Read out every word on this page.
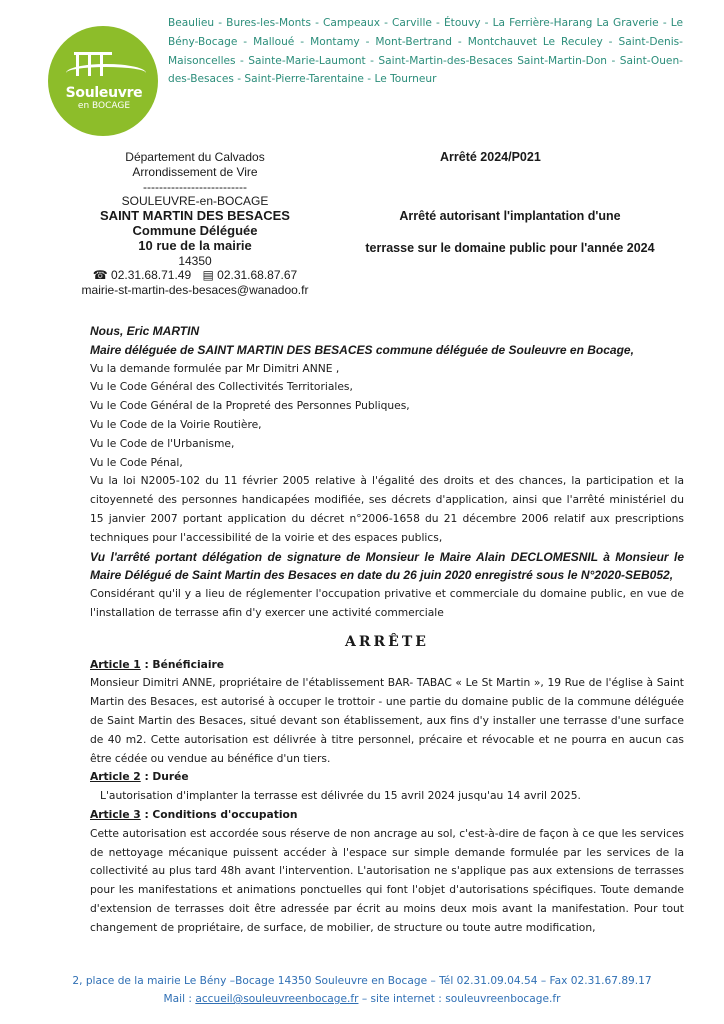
Souleuvre
en BOCAGE
Beaulieu - Bures-les-Monts - Campeaux - Carville - Étouvy - La Ferrière-Harang La Graverie - Le Bény-Bocage - Malloué - Montamy - Mont-Bertrand - Montchauvet Le Reculey - Saint-Denis-Maisoncelles - Sainte-Marie-Laumont - Saint-Martin-des-Besaces Saint-Martin-Don - Saint-Ouen-des-Besaces - Saint-Pierre-Tarentaine - Le Tourneur
Département du Calvados
Arrondissement de Vire
--------------------------
SOULEUVRE-en-BOCAGE
SAINT MARTIN DES BESACES
Commune Déléguée
10 rue de la mairie
14350
☎ 02.31.68.71.49 ▤ 02.31.68.87.67
mairie-st-martin-des-besaces@wanadoo.fr
Arrêté 2024/P021
Arrêté autorisant l'implantation d'une
terrasse sur le domaine public pour l'année 2024

Nous, Eric MARTIN

Maire déléguée de SAINT MARTIN DES BESACES commune déléguée de Souleuvre en Bocage,

Vu la demande formulée par Mr Dimitri ANNE ,

Vu le Code Général des Collectivités Territoriales,

Vu le Code Général de la Propreté des Personnes Publiques,

Vu le Code de la Voirie Routière,

Vu le Code de l'Urbanisme,

Vu le Code Pénal,

Vu la loi N2005-102 du 11 février 2005 relative à l'égalité des droits et des chances, la participation et la citoyenneté des personnes handicapées modifiée, ses décrets d'application, ainsi que l'arrêté ministériel du 15 janvier 2007 portant application du décret n°2006-1658 du 21 décembre 2006 relatif aux prescriptions techniques pour l'accessibilité de la voirie et des espaces publics,

Vu l'arrêté portant délégation de signature de Monsieur le Maire Alain DECLOMESNIL à Monsieur le Maire Délégué de Saint Martin des Besaces en date du 26 juin 2020 enregistré sous le N°2020-SEB052,

Considérant qu'il y a lieu de réglementer l'occupation privative et commerciale du domaine public, en vue de l'installation de terrasse afin d'y exercer une activité commerciale

ARRÊTE

Article 1 : Bénéficiaire

Monsieur Dimitri ANNE, propriétaire de l'établissement BAR- TABAC « Le St Martin », 19 Rue de l'église à Saint Martin des Besaces, est autorisé à occuper le trottoir - une partie du domaine public de la commune déléguée de Saint Martin des Besaces, situé devant son établissement, aux fins d'y installer une terrasse d'une surface de 40 m2. Cette autorisation est délivrée à titre personnel, précaire et révocable et ne pourra en aucun cas être cédée ou vendue au bénéfice d'un tiers.

Article 2 : Durée

L'autorisation d'implanter la terrasse est délivrée du 15 avril 2024 jusqu'au 14 avril 2025.

Article 3 : Conditions d'occupation

Cette autorisation est accordée sous réserve de non ancrage au sol, c'est-à-dire de façon à ce que les services de nettoyage mécanique puissent accéder à l'espace sur simple demande formulée par les services de la collectivité au plus tard 48h avant l'intervention. L'autorisation ne s'applique pas aux extensions de terrasses pour les manifestations et animations ponctuelles qui font l'objet d'autorisations spécifiques. Toute demande d'extension de terrasses doit être adressée par écrit au moins deux mois avant la manifestation. Pour tout changement de propriétaire, de surface, de mobilier, de structure ou toute autre modification,

2, place de la mairie Le Bény –Bocage 14350 Souleuvre en Bocage – Tél 02.31.09.04.54 – Fax 02.31.67.89.17
Mail : accueil@souleuvreenbocage.fr – site internet : souleuvreenbocage.fr
